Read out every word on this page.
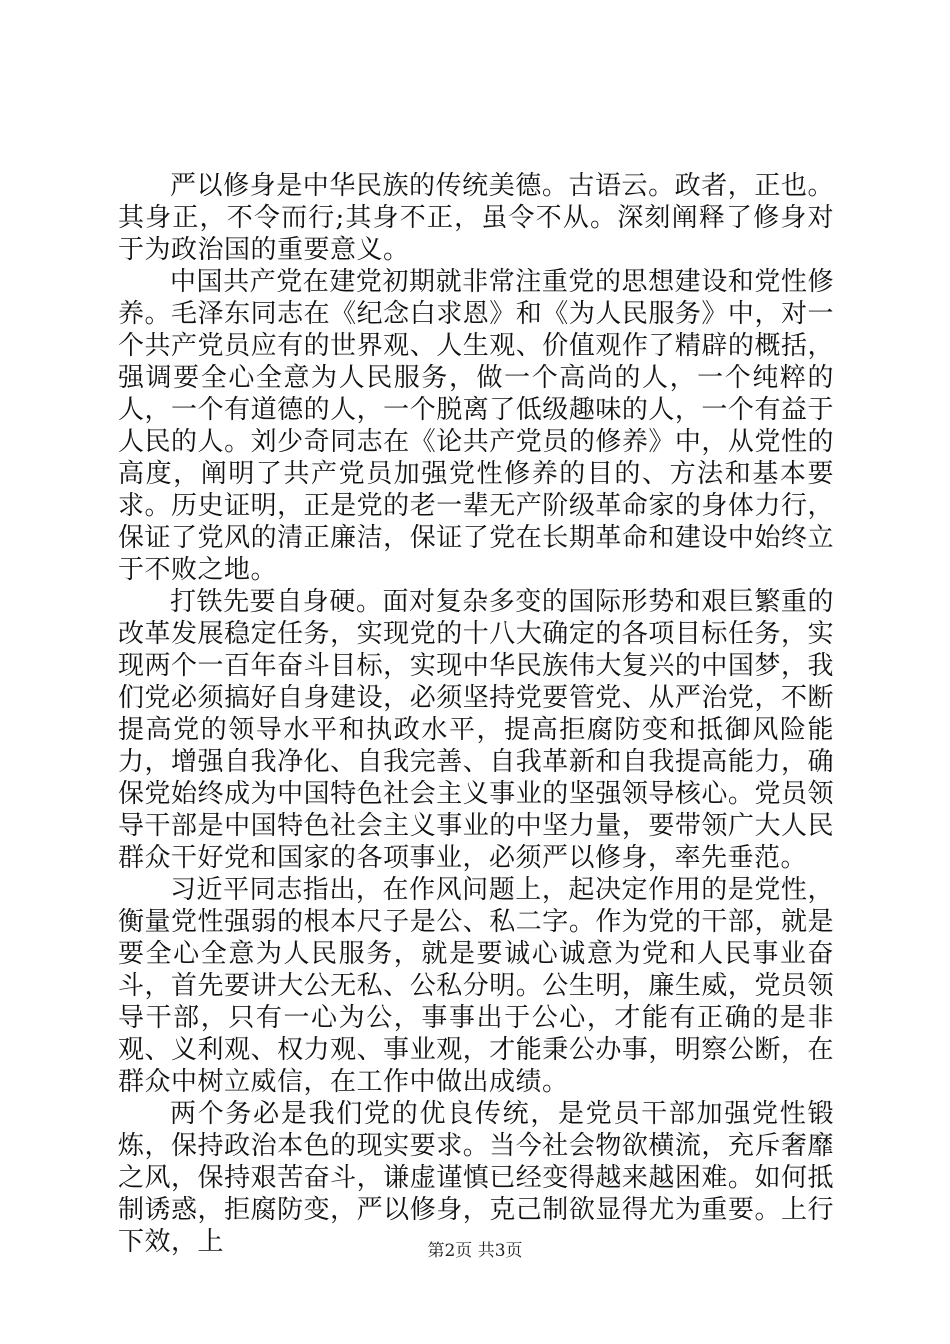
严以修身是中华民族的传统美德。古语云。政者，正也。其身正，不令而行;其身不正，虽令不从。深刻阐释了修身对于为政治国的重要意义。

中国共产党在建党初期就非常注重党的思想建设和党性修养。毛泽东同志在《纪念白求恩》和《为人民服务》中，对一个共产党员应有的世界观、人生观、价值观作了精辟的概括，强调要全心全意为人民服务，做一个高尚的人，一个纯粹的人，一个有道德的人，一个脱离了低级趣味的人，一个有益于人民的人。刘少奇同志在《论共产党员的修养》中，从党性的高度，阐明了共产党员加强党性修养的目的、方法和基本要求。历史证明，正是党的老一辈无产阶级革命家的身体力行，保证了党风的清正廉洁，保证了党在长期革命和建设中始终立于不败之地。

打铁先要自身硬。面对复杂多变的国际形势和艰巨繁重的改革发展稳定任务，实现党的十八大确定的各项目标任务，实现两个一百年奋斗目标，实现中华民族伟大复兴的中国梦，我们党必须搞好自身建设，必须坚持党要管党、从严治党，不断提高党的领导水平和执政水平，提高拒腐防变和抵御风险能力，增强自我净化、自我完善、自我革新和自我提高能力，确保党始终成为中国特色社会主义事业的坚强领导核心。党员领导干部是中国特色社会主义事业的中坚力量，要带领广大人民群众干好党和国家的各项事业，必须严以修身，率先垂范。

习近平同志指出，在作风问题上，起决定作用的是党性，衡量党性强弱的根本尺子是公、私二字。作为党的干部，就是要全心全意为人民服务，就是要诚心诚意为党和人民事业奋斗，首先要讲大公无私、公私分明。公生明，廉生威，党员领导干部，只有一心为公，事事出于公心，才能有正确的是非观、义利观、权力观、事业观，才能秉公办事，明察公断，在群众中树立威信，在工作中做出成绩。

两个务必是我们党的优良传统，是党员干部加强党性锻炼，保持政治本色的现实要求。当今社会物欲横流，充斥奢靡之风，保持艰苦奋斗，谦虚谨慎已经变得越来越困难。如何抵制诱惑，拒腐防变，严以修身，克己制欲显得尤为重要。上行下效，上	第2页 共3页
